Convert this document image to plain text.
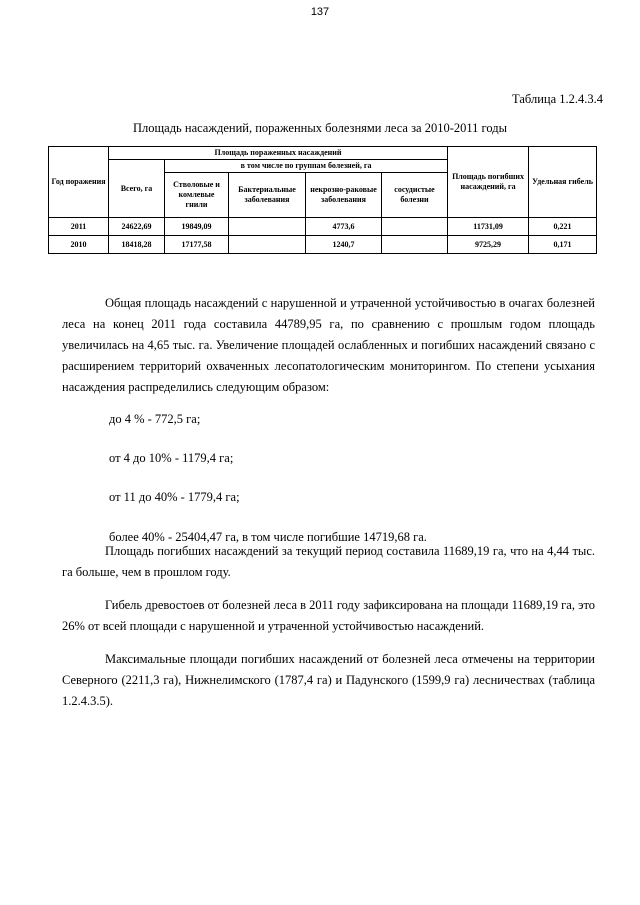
137
Таблица 1.2.4.3.4
Площадь насаждений, пораженных болезнями леса за 2010-2011 годы
Год поражения	Площадь пораженных насаждений					Площадь погибших насаждений, га	Удельная гибель
	Всего, га	в том числе по группам болезней, га					
		Стволовые и комлевые гнили	Бактериальные заболевания	некрозно-раковые заболевания	сосудистые болезни		
2011	24622,69	19849,09		4773,6		11731,09	0,221
2010	18418,28	17177,58		1240,7		9725,29	0,171

Общая площадь насаждений с нарушенной и утраченной устойчивостью в очагах болезней леса на конец 2011 года составила 44789,95 га, по сравнению с прошлым годом площадь увеличилась на 4,65 тыс. га. Увеличение площадей ослабленных и погибших насаждений связано с расширением территорий охваченных лесопатологическим мониторингом. По степени усыхания насаждения распределились следующим образом:

до 4 % - 772,5 га;

от 4 до 10% - 1179,4 га;

от 11 до 40% - 1779,4 га;

более 40% - 25404,47 га, в том числе погибшие 14719,68 га.

Площадь погибших насаждений за текущий период составила 11689,19 га, что на 4,44 тыс. га больше, чем в прошлом году.

Гибель древостоев от болезней леса в 2011 году зафиксирована на площади 11689,19 га, это 26% от всей площади с нарушенной и утраченной устойчивостью насаждений.

Максимальные площади погибших насаждений от болезней леса отмечены на территории Северного (2211,3 га), Нижнелимского (1787,4 га) и Падунского (1599,9 га) лесничествах (таблица 1.2.4.3.5).
